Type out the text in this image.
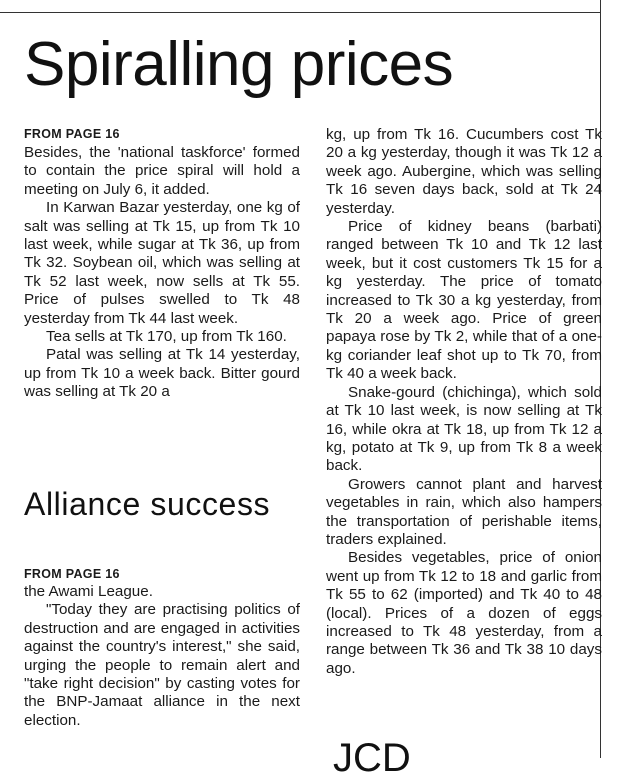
Spiralling prices
FROM PAGE 16

Besides, the 'national taskforce' formed to contain the price spiral will hold a meeting on July 6, it added.

In Karwan Bazar yesterday, one kg of salt was selling at Tk 15, up from Tk 10 last week, while sugar at Tk 36, up from Tk 32. Soybean oil, which was selling at Tk 52 last week, now sells at Tk 55. Price of pulses swelled to Tk 48 yesterday from Tk 44 last week.

Tea sells at Tk 170, up from Tk 160.

Patal was selling at Tk 14 yesterday, up from Tk 10 a week back. Bitter gourd was selling at Tk 20 a

Alliance success
FROM PAGE 16

the Awami League.

"Today they are practising politics of destruction and are engaged in activities against the country's interest," she said, urging the people to remain alert and "take right decision" by casting votes for the BNP-Jamaat alliance in the next election.

kg, up from Tk 16. Cucumbers cost Tk 20 a kg yesterday, though it was Tk 12 a week ago. Aubergine, which was selling Tk 16 seven days back, sold at Tk 24 yesterday.

Price of kidney beans (barbati) ranged between Tk 10 and Tk 12 last week, but it cost customers Tk 15 for a kg yesterday. The price of tomato increased to Tk 30 a kg yesterday, from Tk 20 a week ago. Price of green papaya rose by Tk 2, while that of a one-kg coriander leaf shot up to Tk 70, from Tk 40 a week back.

Snake-gourd (chichinga), which sold at Tk 10 last week, is now selling at Tk 16, while okra at Tk 18, up from Tk 12 a kg, potato at Tk 9, up from Tk 8 a week back.

Growers cannot plant and harvest vegetables in rain, which also hampers the transportation of perishable items, traders explained.

Besides vegetables, price of onion went up from Tk 12 to 18 and garlic from Tk 55 to 62 (imported) and Tk 40 to 48 (local). Prices of a dozen of eggs increased to Tk 48 yesterday, from a range between Tk 36 and Tk 38 10 days ago.

JCD
